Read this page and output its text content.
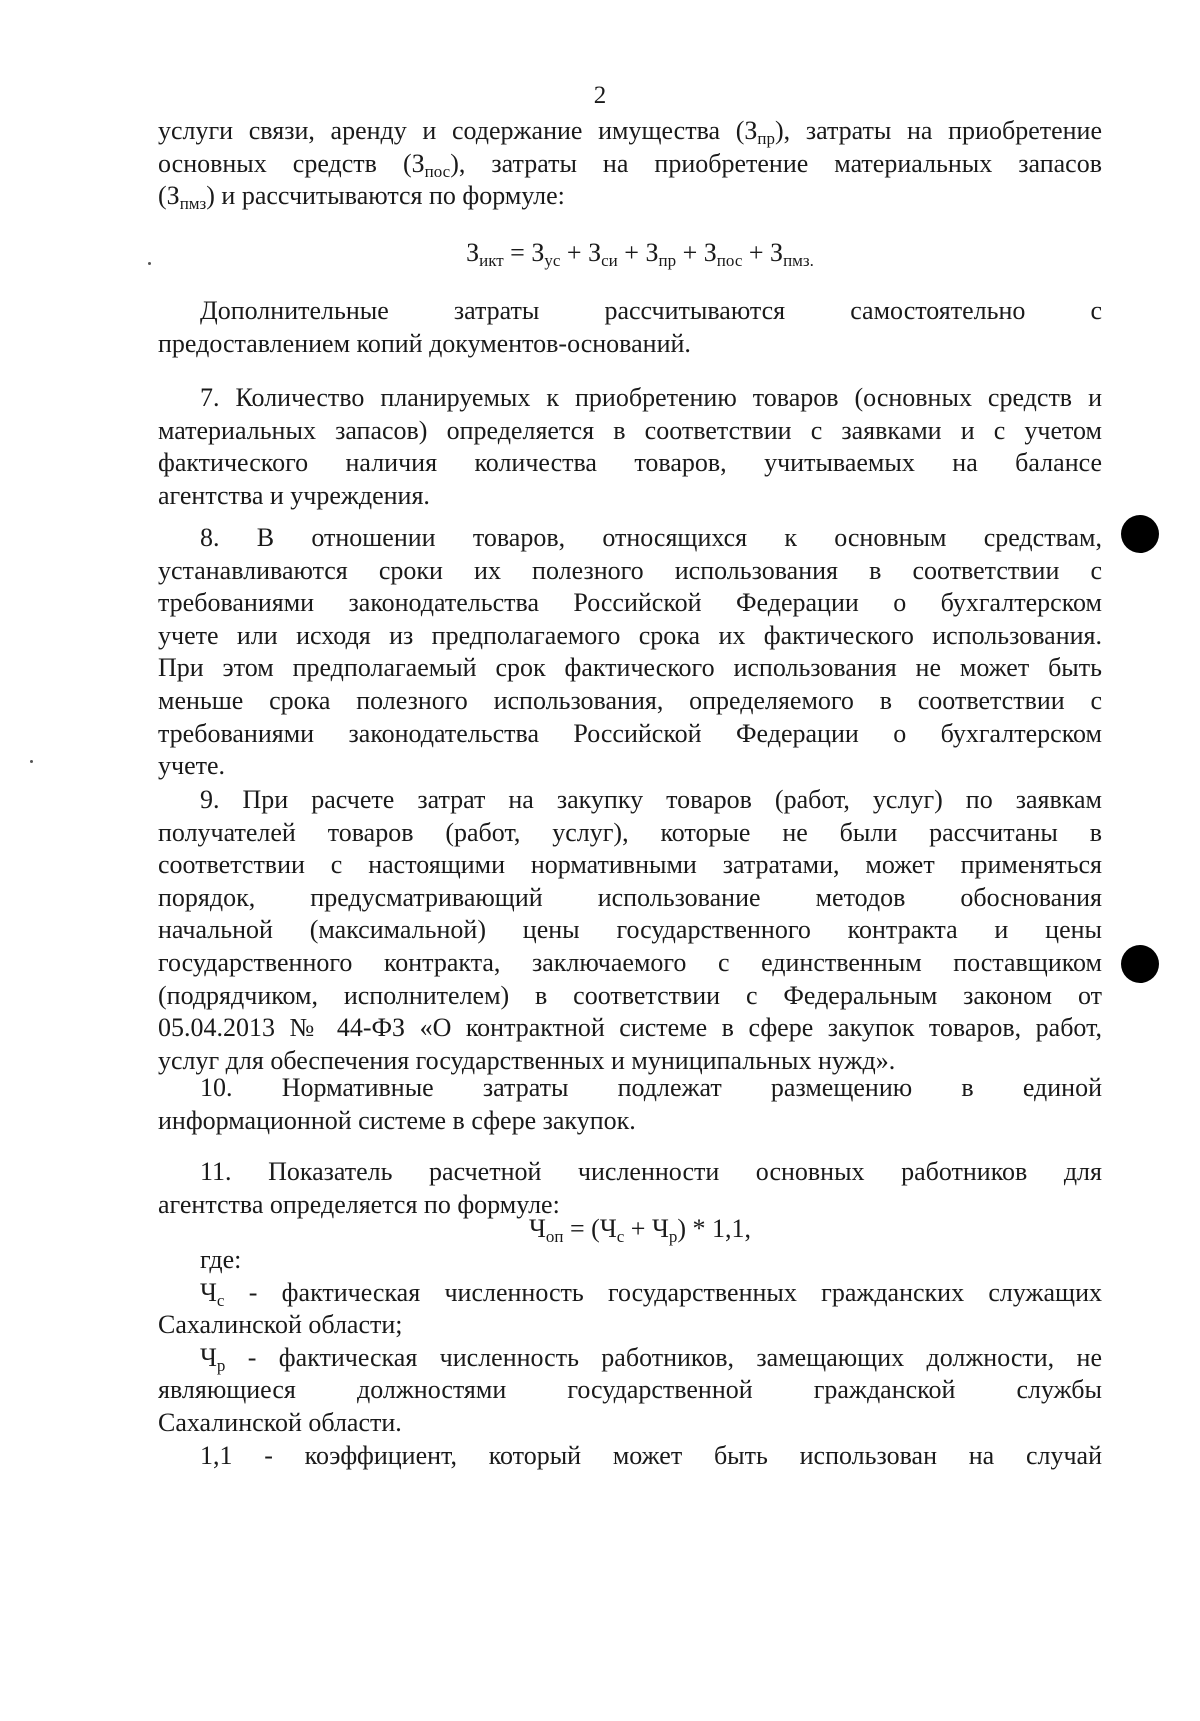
2
услуги связи, аренду и содержание имущества $(З_{пр})$, затраты на приобретение
основных средств $(З_{пос})$, затраты на приобретение материальных запасов
$(З_{пмз})$ и рассчитываются по формуле:
$З_{икт} = З_{ус} + З_{си} + З_{пр} + З_{пос} + З_{пмз.}$
Дополнительные затраты рассчитываются самостоятельно с
предоставлением копий документов-оснований.
7. Количество планируемых к приобретению товаров (основных средств и
материальных запасов) определяется в соответствии с заявками и с учетом
фактического наличия количества товаров, учитываемых на балансе
агентства и учреждения.
8. В отношении товаров, относящихся к основным средствам,
устанавливаются сроки их полезного использования в соответствии с
требованиями законодательства Российской Федерации о бухгалтерском
учете или исходя из предполагаемого срока их фактического использования.
При этом предполагаемый срок фактического использования не может быть
меньше срока полезного использования, определяемого в соответствии с
требованиями законодательства Российской Федерации о бухгалтерском
учете.
9. При расчете затрат на закупку товаров (работ, услуг) по заявкам
получателей товаров (работ, услуг), которые не были рассчитаны в
соответствии с настоящими нормативными затратами, может применяться
порядок, предусматривающий использование методов обоснования
начальной (максимальной) цены государственного контракта и цены
государственного контракта, заключаемого с единственным поставщиком
(подрядчиком, исполнителем) в соответствии с Федеральным законом от
05.04.2013 № 44-ФЗ «О контрактной системе в сфере закупок товаров, работ,
услуг для обеспечения государственных и муниципальных нужд».
10. Нормативные затраты подлежат размещению в единой
информационной системе в сфере закупок.
11. Показатель расчетной численности основных работников для
агентства определяется по формуле:
$Ч_{оп} = (Ч_с + Ч_р) * 1,1$,
где:
$Ч_с$ - фактическая численность государственных гражданских служащих
Сахалинской области;
$Ч_р$ - фактическая численность работников, замещающих должности, не
являющиеся должностями государственной гражданской службы
Сахалинской области.
1,1 - коэффициент, который может быть использован на случай
